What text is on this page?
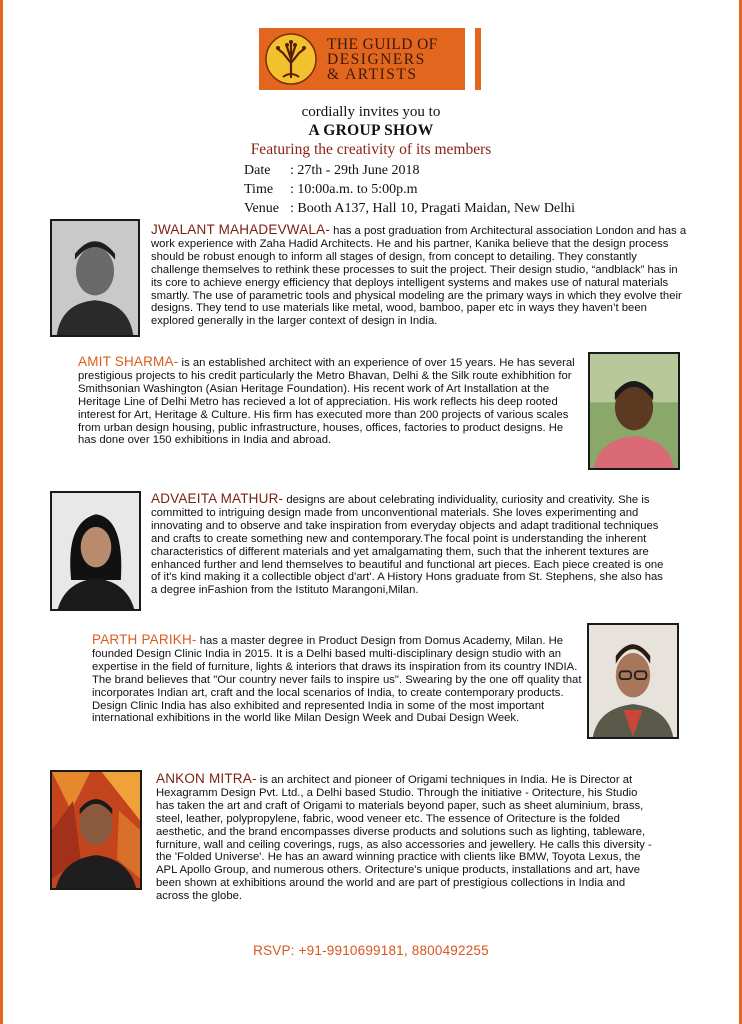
THE GUILD OF
DESIGNERS
& ARTISTS
cordially invites you to
A GROUP SHOW
Featuring the creativity of its members
Date	: 27th - 29th June 2018
Time	: 10:00a.m. to 5:00p.m
Venue : Booth A137, Hall 10, Pragati Maidan, New Delhi
JWALANT MAHADEVWALA- has a post graduation from Architectural association London and has a work experience with Zaha Hadid Architects. He and his partner, Kanika believe that the design process should be robust enough to inform all stages of design, from concept to detailing. They constantly challenge themselves to rethink these processes to suit the project. Their design studio, “andblack” has in its core to achieve energy efficiency that deploys intelligent systems and makes use of natural materials smartly. The use of parametric tools and physical modeling are the primary ways in which they evolve their designs. They tend to use materials like metal, wood, bamboo, paper etc in ways they haven’t been explored generally in the larger context of design in India.
AMIT SHARMA- is an established architect with an experience of over 15 years. He has several prestigious projects to his credit particularly the Metro Bhavan, Delhi & the Silk route exhibhition for Smithsonian Washington (Asian Heritage Foundation). His recent work of Art Installation at the Heritage Line of Delhi Metro has recieved a lot of appreciation. His work reflects his deep rooted interest for Art, Heritage & Culture. His firm has executed more than 200 projects of various scales from urban design housing, public infrastructure, houses, offices, factories to product designs. He has done over 150 exhibitions in India and abroad.
ADVAEITA MATHUR- designs are about celebrating individuality, curiosity and creativity. She is committed to intriguing design made from unconventional materials. She loves experimenting and innovating and to observe and take inspiration from everyday objects and adapt traditional techniques and crafts to create something new and contemporary.The focal point is understanding the inherent characteristics of different materials and yet amalgamating them, such that the inherent textures are enhanced further and lend themselves to beautiful and functional art pieces. Each piece created is one of it's kind making it a collectible object d'art'. A History Hons graduate from St. Stephens, she also has a degree inFashion from the Istituto Marangoni,Milan.
PARTH PARIKH- has a master degree in Product Design from Domus Academy, Milan. He founded Design Clinic India in 2015. It is a Delhi based multi-disciplinary design studio with an expertise in the field of furniture, lights & interiors that draws its inspiration from its country INDIA. The brand believes that "Our country never fails to inspire us". Swearing by the one off quality that incorporates Indian art, craft and the local scenarios of India, to create contemporary products. Design Clinic India has also exhibited and represented India in some of the most important international exhibitions in the world like Milan Design Week and Dubai Design Week.
ANKON MITRA- is an architect and pioneer of Origami techniques in India. He is Director at Hexagramm Design Pvt. Ltd., a Delhi based Studio. Through the initiative - Oritecture, his Studio has taken the art and craft of Origami to materials beyond paper, such as sheet aluminium, brass, steel, leather, polypropylene, fabric, wood veneer etc. The essence of Oritecture is the folded aesthetic, and the brand encompasses diverse products and solutions such as lighting, tableware, furniture, wall and ceiling coverings, rugs, as also accessories and jewellery. He calls this diversity - the 'Folded Universe'. He has an award winning practice with clients like BMW, Toyota Lexus, the APL Apollo Group, and numerous others. Oritecture's unique products, installations and art, have been shown at exhibitions around the world and are part of prestigious collections in India and across the globe.
RSVP: +91-9910699181, 8800492255
